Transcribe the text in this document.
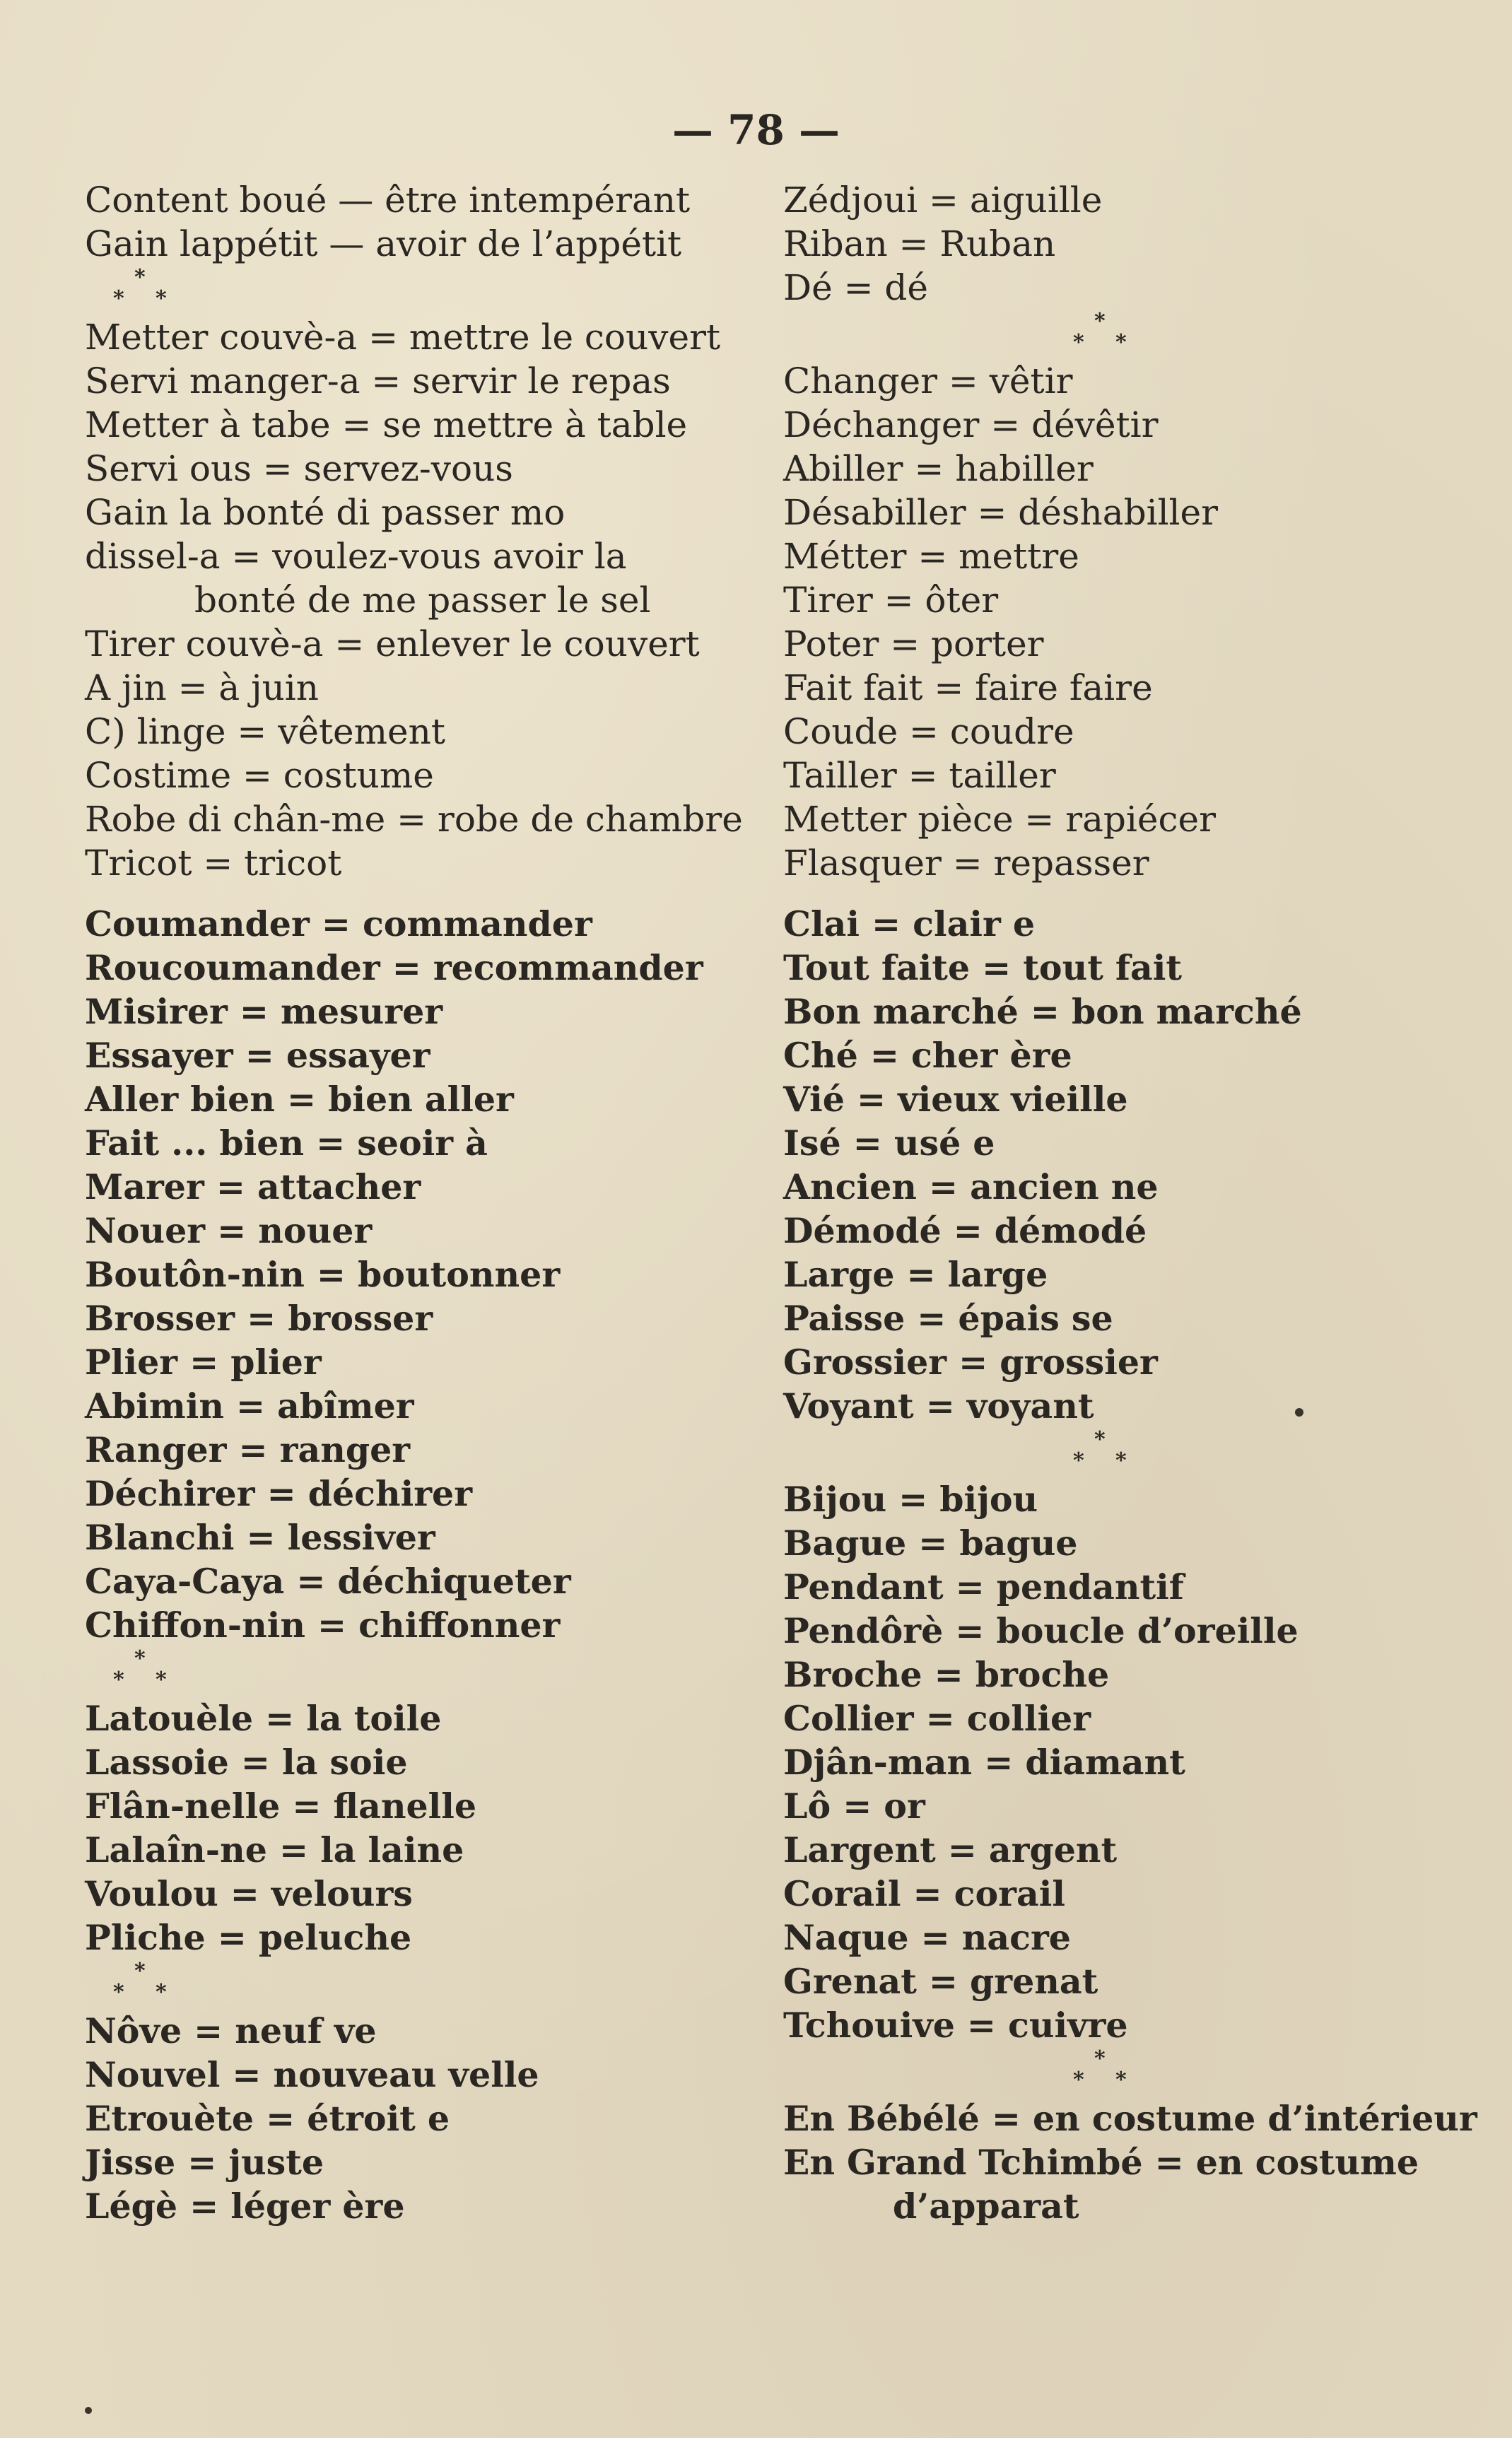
— 78 —
Content boué — être intempérant
Gain lappétit — avoir de l’appétit
*
* *
Metter couvè-a = mettre le couvert
Servi manger-a = servir le repas
Metter à tabe = se mettre à table
Servi ous = servez-vous
Gain la bonté di passer mo
dissel-a = voulez-vous avoir la
bonté de me passer le sel
Tirer couvè-a = enlever le couvert
A jin = à juin
C) linge = vêtement
Costime = costume
Robe di chân-me = robe de chambre
Tricot = tricot
Coumander = commander
Roucoumander = recommander
Misirer = mesurer
Essayer = essayer
Aller bien = bien aller
Fait ... bien = seoir à
Marer = attacher
Nouer = nouer
Boutôn-nin = boutonner
Brosser = brosser
Plier = plier
Abimin = abîmer
Ranger = ranger
Déchirer = déchirer
Blanchi = lessiver
Caya-Caya = déchiqueter
Chiffon-nin = chiffonner
*
* *
Latouèle = la toile
Lassoie = la soie
Flân-nelle = flanelle
Lalaîn-ne = la laine
Voulou = velours
Pliche = peluche
*
* *
Nôve = neuf ve
Nouvel = nouveau velle
Etrouète = étroit e
Jisse = juste
Légè = léger ère
Zédjoui = aiguille
Riban = Ruban
Dé = dé
*
* *
Changer = vêtir
Déchanger = dévêtir
Abiller = habiller
Désabiller = déshabiller
Métter = mettre
Tirer = ôter
Poter = porter
Fait fait = faire faire
Coude = coudre
Tailler = tailler
Metter pièce = rapiécer
Flasquer = repasser
Clai = clair e
Tout faite = tout fait
Bon marché = bon marché
Ché = cher ère
Vié = vieux vieille
Isé = usé e
Ancien = ancien ne
Démodé = démodé
Large = large
Paisse = épais se
Grossier = grossier
Voyant = voyant
*
* *
Bijou = bijou
Bague = bague
Pendant = pendantif
Pendôrè = boucle d’oreille
Broche = broche
Collier = collier
Djân-man = diamant
Lô = or
Largent = argent
Corail = corail
Naque = nacre
Grenat = grenat
Tchouive = cuivre
*
* *
En Bébélé = en costume d’intérieur
En Grand Tchimbé = en costume
d’apparat
